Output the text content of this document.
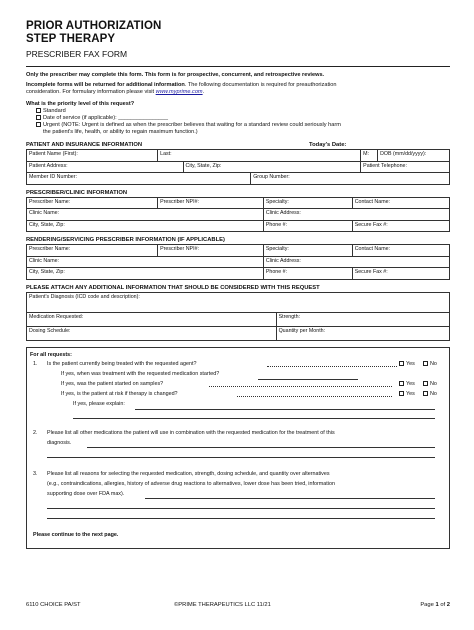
PRIOR AUTHORIZATION
STEP THERAPY
PRESCRIBER FAX FORM
Only the prescriber may complete this form. This form is for prospective, concurrent, and retrospective reviews.
Incomplete forms will be returned for additional information. The following documentation is required for preauthorization
consideration. For formulary information please visit www.myprime.com.
What is the priority level of this request?
Standard
Date of service (if applicable): ________________
Urgent (NOTE: Urgent is defined as when the prescriber believes that waiting for a standard review could seriously harm
the patient's life, health, or ability to regain maximum function.)
PATIENT AND INSURANCE INFORMATION	Today's Date:
Patient Name (First):	Last:	M:	DOB (mm/dd/yyyy):
Patient Address:	City, State, Zip:	Patient Telephone:
Member ID Number:	Group Number:
PRESCRIBER/CLINIC INFORMATION
Prescriber Name:	Prescriber NPI#:	Specialty:	Contact Name:
Clinic Name:		Clinic Address:	
City, State, Zip:		Phone #:	Secure Fax #:
RENDERING/SERVICING PRESCRIBER INFORMATION (IF APPLICABLE)
Prescriber Name:	Prescriber NPI#:	Specialty:	Contact Name:
Clinic Name:		Clinic Address:	
City, State, Zip:		Phone #:	Secure Fax #:
PLEASE ATTACH ANY ADDITIONAL INFORMATION THAT SHOULD BE CONSIDERED WITH THIS REQUEST
Patient's Diagnosis (ICD code and description):	
Medication Requested:	Strength:
Dosing Schedule:	Quantity per Month:
For all requests:
1. Is the patient currently being treated with the requested agent?	Yes	No
If yes, when was treatment with the requested medication started?
If yes, was the patient started on samples?	Yes	No
If yes, is the patient at risk if therapy is changed?	Yes	No
If yes, please explain:
2. Please list all other medications the patient will use in combination with the requested medication for the treatment of this
diagnosis.
3. Please list all reasons for selecting the requested medication, strength, dosing schedule, and quantity over alternatives
(e.g., contraindications, allergies, history of adverse drug reactions to alternatives, lower dose has been tried, information
supporting dose over FDA max).
Please continue to the next page.
6110 CHOICE PA/ST	©PRIME THERAPEUTICS LLC 11/21	Page 1 of 2
